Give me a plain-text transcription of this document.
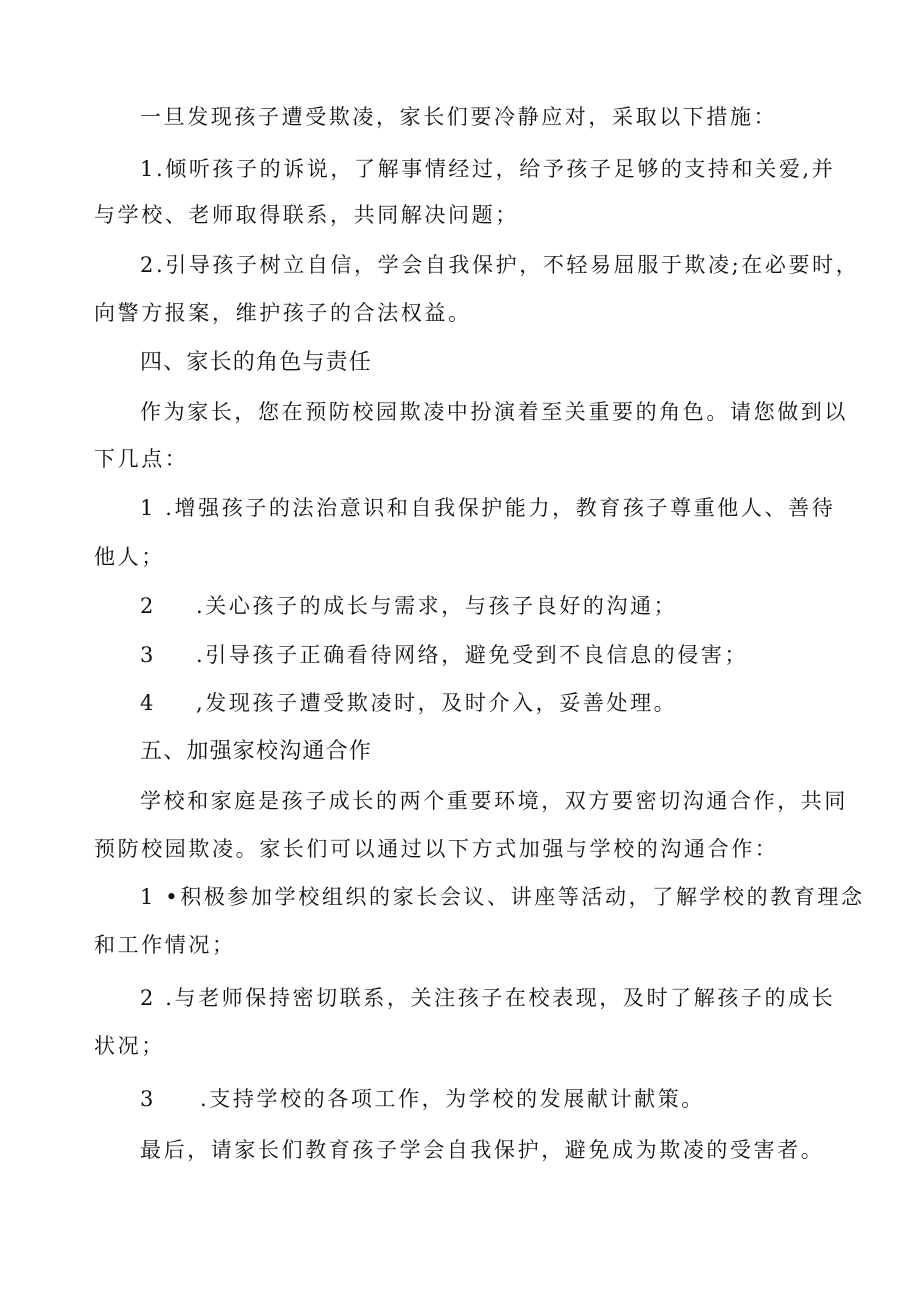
一旦发现孩子遭受欺凌，家长们要冷静应对，采取以下措施：
1.倾听孩子的诉说，了解事情经过，给予孩子足够的支持和关爱,并
与学校、老师取得联系，共同解决问题；
2.引导孩子树立自信，学会自我保护，不轻易屈服于欺凌;在必要时，
向警方报案，维护孩子的合法权益。
四、家长的角色与责任
作为家长，您在预防校园欺凌中扮演着至关重要的角色。请您做到以
下几点：
1 .增强孩子的法治意识和自我保护能力，教育孩子尊重他人、善待
他人；
2 .关心孩子的成长与需求，与孩子良好的沟通；
3 .引导孩子正确看待网络，避免受到不良信息的侵害；
4 ,发现孩子遭受欺凌时，及时介入，妥善处理。
五、加强家校沟通合作
学校和家庭是孩子成长的两个重要环境，双方要密切沟通合作，共同
预防校园欺凌。家长们可以通过以下方式加强与学校的沟通合作：
1 •积极参加学校组织的家长会议、讲座等活动，了解学校的教育理念
和工作情况；
2 .与老师保持密切联系，关注孩子在校表现，及时了解孩子的成长
状况；
3 .支持学校的各项工作，为学校的发展献计献策。
最后，请家长们教育孩子学会自我保护，避免成为欺凌的受害者。
